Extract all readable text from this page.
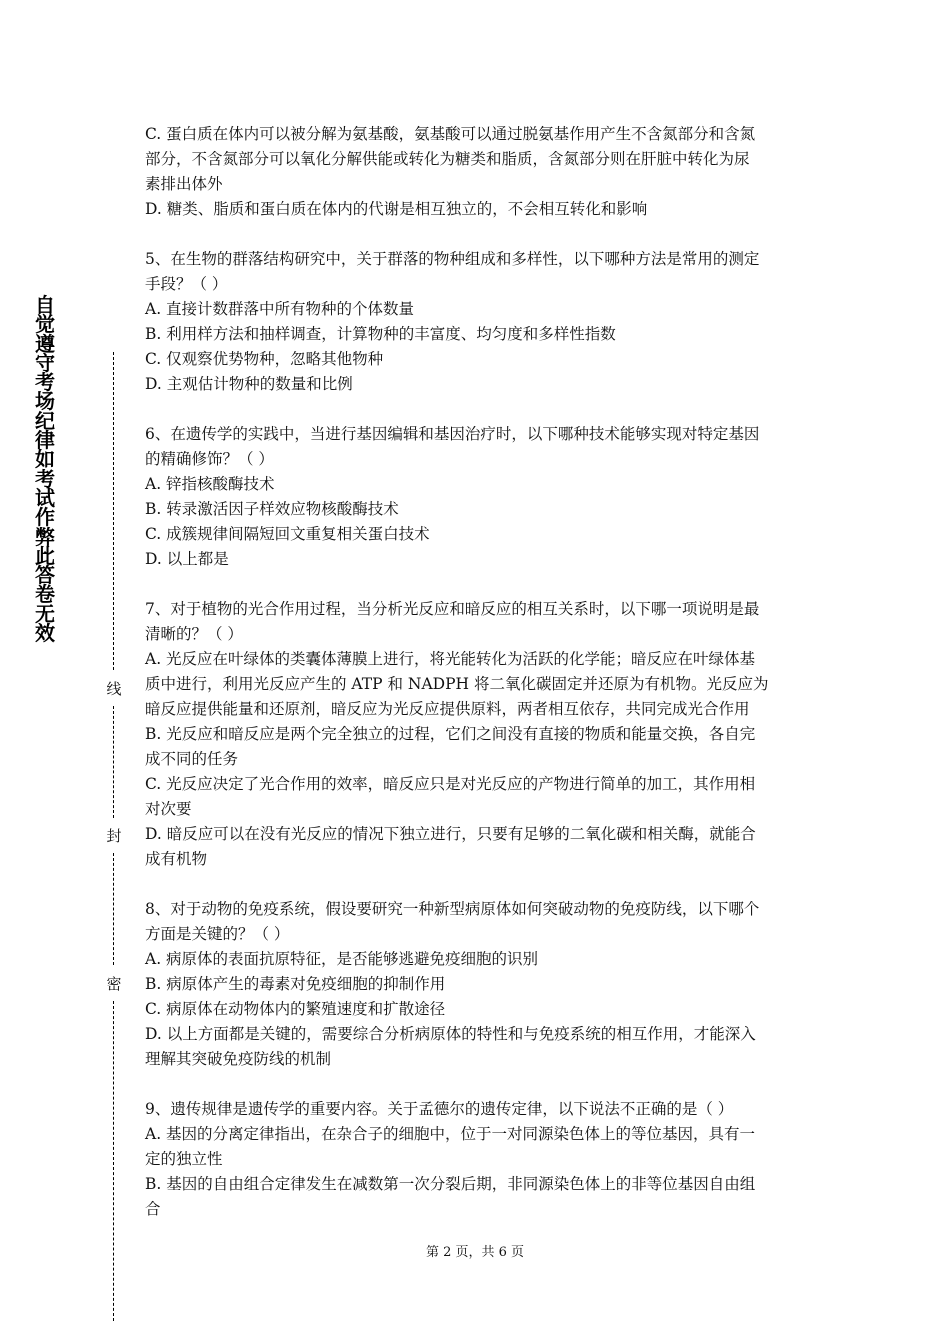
自觉遵守考场纪律如考试作弊此答卷无效
线
封
密
C. 蛋白质在体内可以被分解为氨基酸，氨基酸可以通过脱氨基作用产生不含氮部分和含氮
部分，不含氮部分可以氧化分解供能或转化为糖类和脂质，含氮部分则在肝脏中转化为尿
素排出体外
D. 糖类、脂质和蛋白质在体内的代谢是相互独立的，不会相互转化和影响
5、在生物的群落结构研究中，关于群落的物种组成和多样性，以下哪种方法是常用的测定
手段？（ ）
A. 直接计数群落中所有物种的个体数量
B. 利用样方法和抽样调查，计算物种的丰富度、均匀度和多样性指数
C. 仅观察优势物种，忽略其他物种
D. 主观估计物种的数量和比例
6、在遗传学的实践中，当进行基因编辑和基因治疗时，以下哪种技术能够实现对特定基因
的精确修饰？（ ）
A. 锌指核酸酶技术
B. 转录激活因子样效应物核酸酶技术
C. 成簇规律间隔短回文重复相关蛋白技术
D. 以上都是
7、对于植物的光合作用过程，当分析光反应和暗反应的相互关系时，以下哪一项说明是最
清晰的？（ ）
A. 光反应在叶绿体的类囊体薄膜上进行，将光能转化为活跃的化学能；暗反应在叶绿体基
质中进行，利用光反应产生的 ATP 和 NADPH 将二氧化碳固定并还原为有机物。光反应为
暗反应提供能量和还原剂，暗反应为光反应提供原料，两者相互依存，共同完成光合作用
B. 光反应和暗反应是两个完全独立的过程，它们之间没有直接的物质和能量交换，各自完
成不同的任务
C. 光反应决定了光合作用的效率，暗反应只是对光反应的产物进行简单的加工，其作用相
对次要
D. 暗反应可以在没有光反应的情况下独立进行，只要有足够的二氧化碳和相关酶，就能合
成有机物
8、对于动物的免疫系统，假设要研究一种新型病原体如何突破动物的免疫防线，以下哪个
方面是关键的？（ ）
A. 病原体的表面抗原特征，是否能够逃避免疫细胞的识别
B. 病原体产生的毒素对免疫细胞的抑制作用
C. 病原体在动物体内的繁殖速度和扩散途径
D. 以上方面都是关键的，需要综合分析病原体的特性和与免疫系统的相互作用，才能深入
理解其突破免疫防线的机制
9、遗传规律是遗传学的重要内容。关于孟德尔的遗传定律，以下说法不正确的是（ ）
A. 基因的分离定律指出，在杂合子的细胞中，位于一对同源染色体上的等位基因，具有一
定的独立性
B. 基因的自由组合定律发生在减数第一次分裂后期，非同源染色体上的非等位基因自由组
合
第 2 页，共 6 页
